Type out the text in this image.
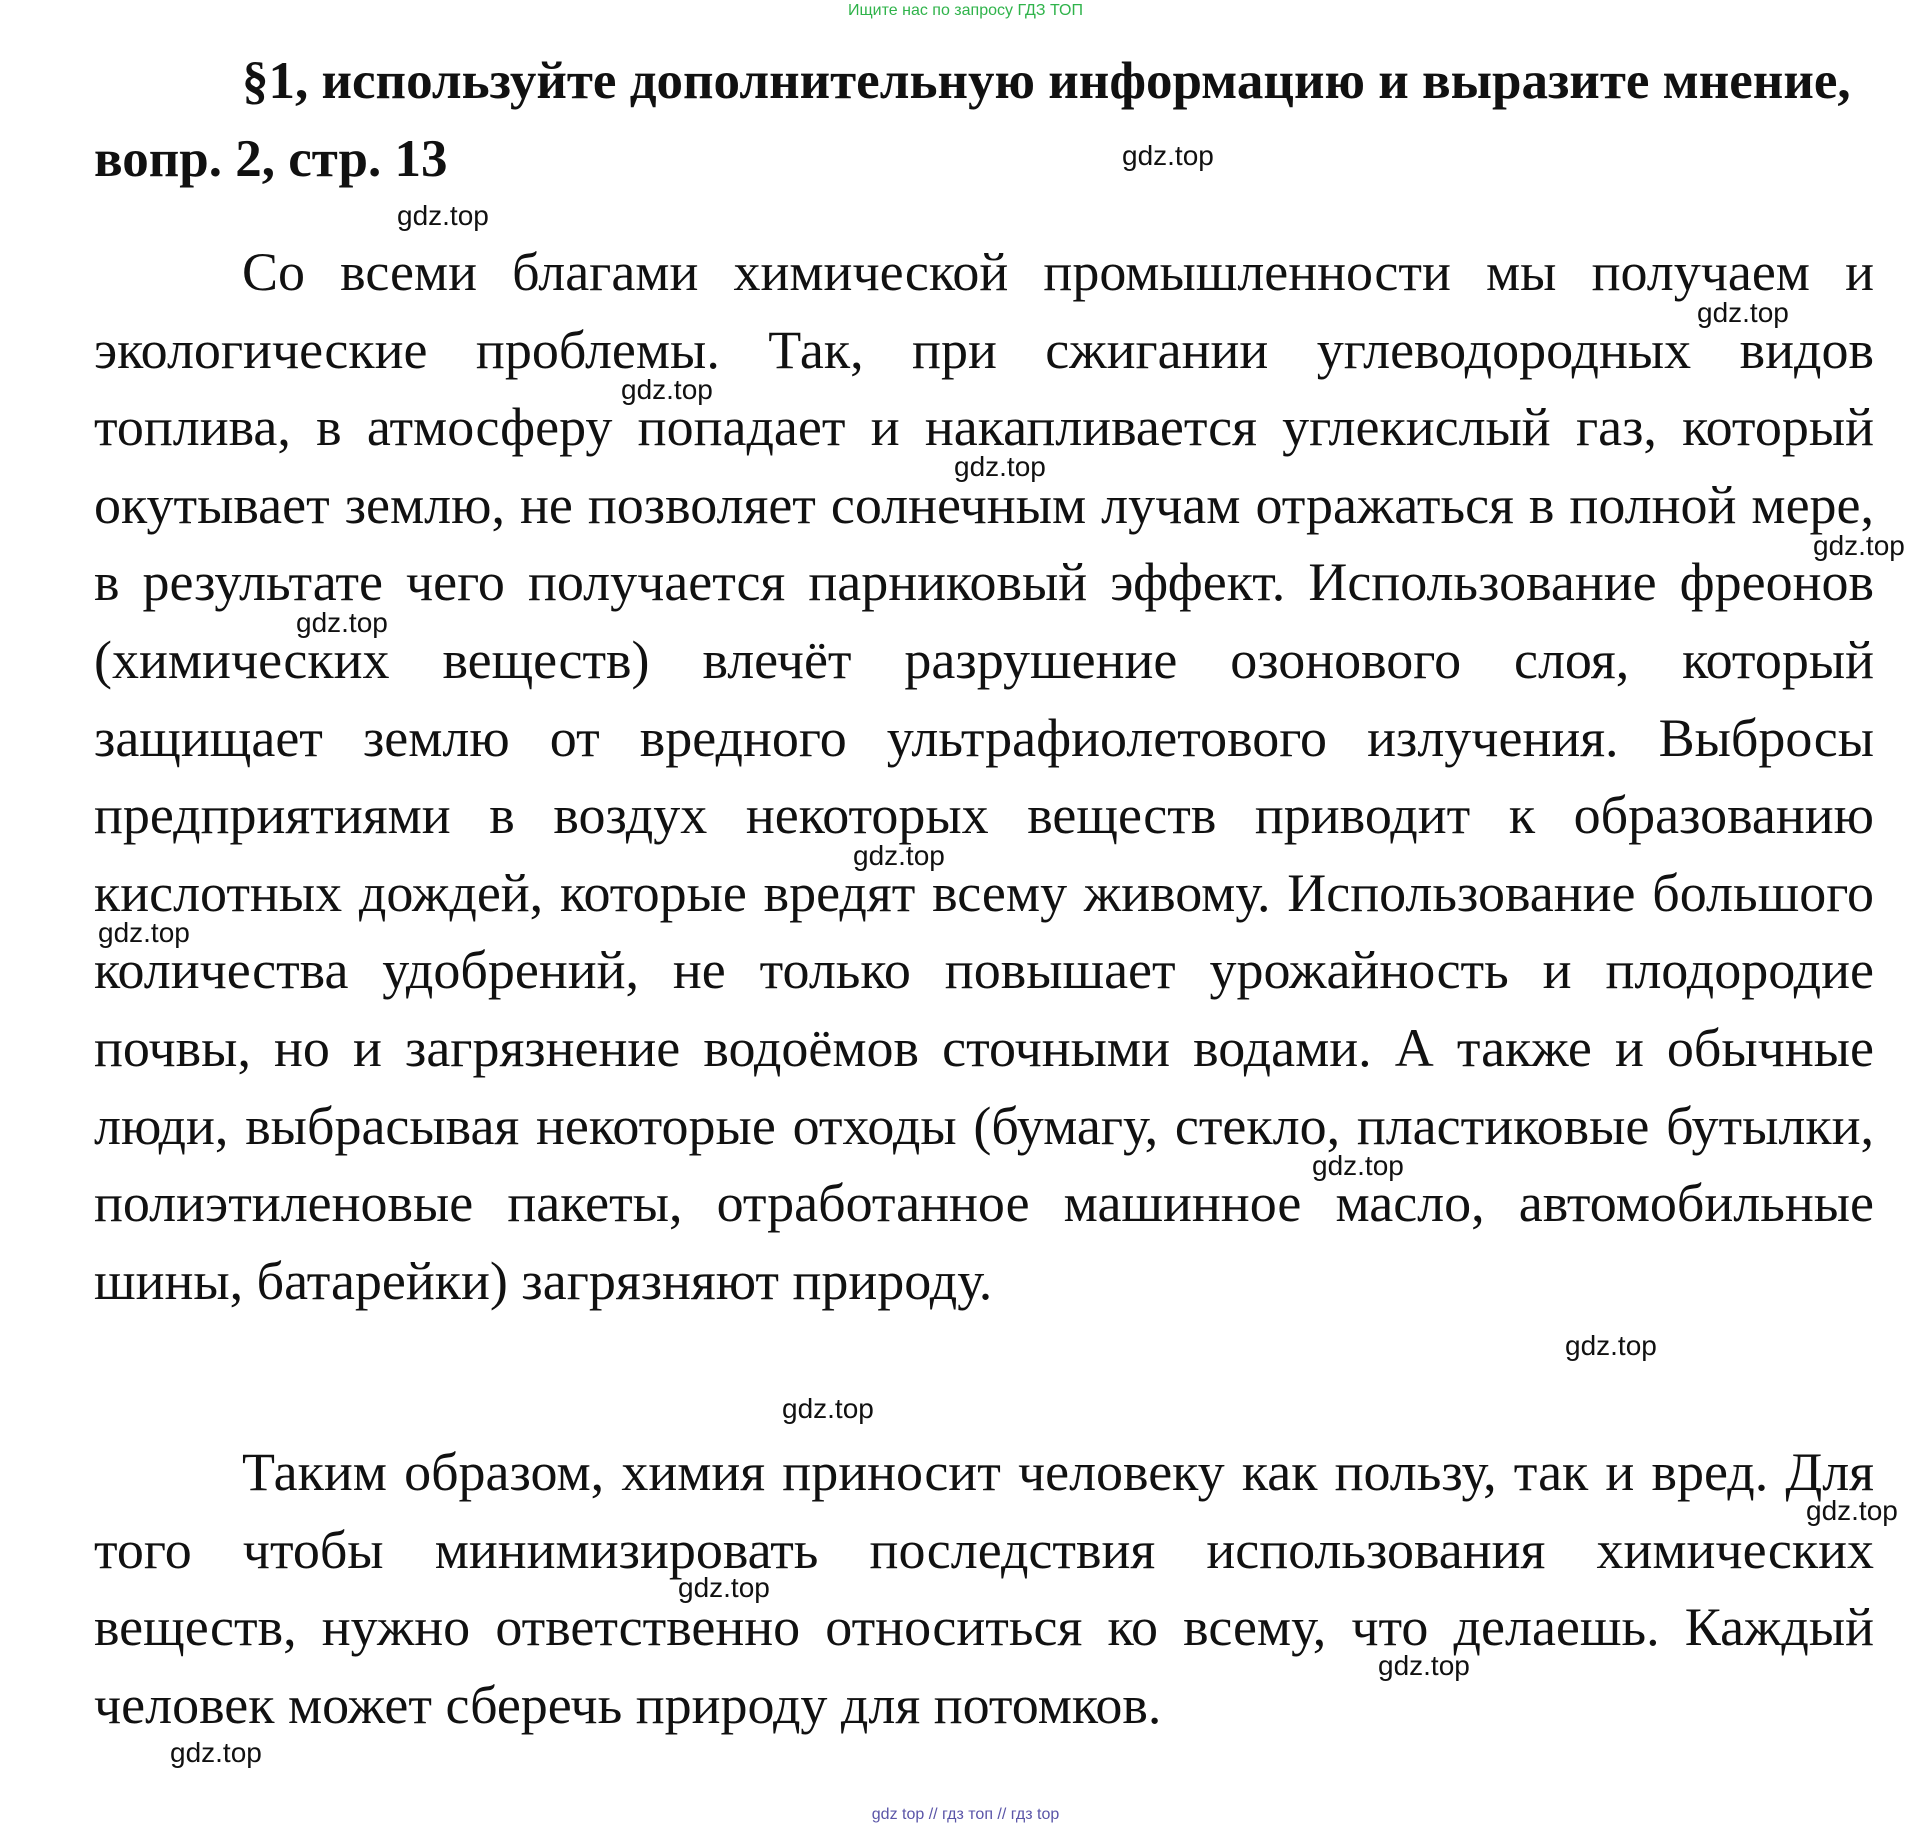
Ищите нас по запросу ГДЗ ТОП
§1, используйте дополнительную информацию и выразите мнение, вопр. 2, стр. 13

Со всеми благами химической промышленности мы получаем и экологические проблемы. Так, при сжигании углеводородных видов топлива, в атмосферу попадает и накапливается углекислый газ, который окутывает землю, не позволяет солнечным лучам отражаться в полной мере, в результате чего получается парниковый эффект. Использование фреонов (химических веществ) влечёт разрушение озонового слоя, который защищает землю от вредного ультрафиолетового излучения. Выбросы предприятиями в воздух некоторых веществ приводит к образованию кислотных дождей, которые вредят всему живому. Использование большого количества удобрений, не только повышает урожайность и плодородие почвы, но и загрязнение водоёмов сточными водами. А также и обычные люди, выбрасывая некоторые отходы (бумагу, стекло, пластиковые бутылки, полиэтиленовые пакеты, отработанное машинное масло, автомобильные шины, батарейки) загрязняют природу.

Таким образом, химия приносит человеку как пользу, так и вред. Для того чтобы минимизировать последствия использования химических веществ, нужно ответственно относиться ко всему, что делаешь. Каждый человек может сберечь природу для потомков.

gdz.top
gdz.top
gdz.top
gdz.top
gdz.top
gdz.top
gdz.top
gdz.top
gdz.top
gdz.top
gdz.top
gdz.top
gdz.top
gdz.top
gdz.top
gdz.top
gdz top // гдз топ // гдз top
